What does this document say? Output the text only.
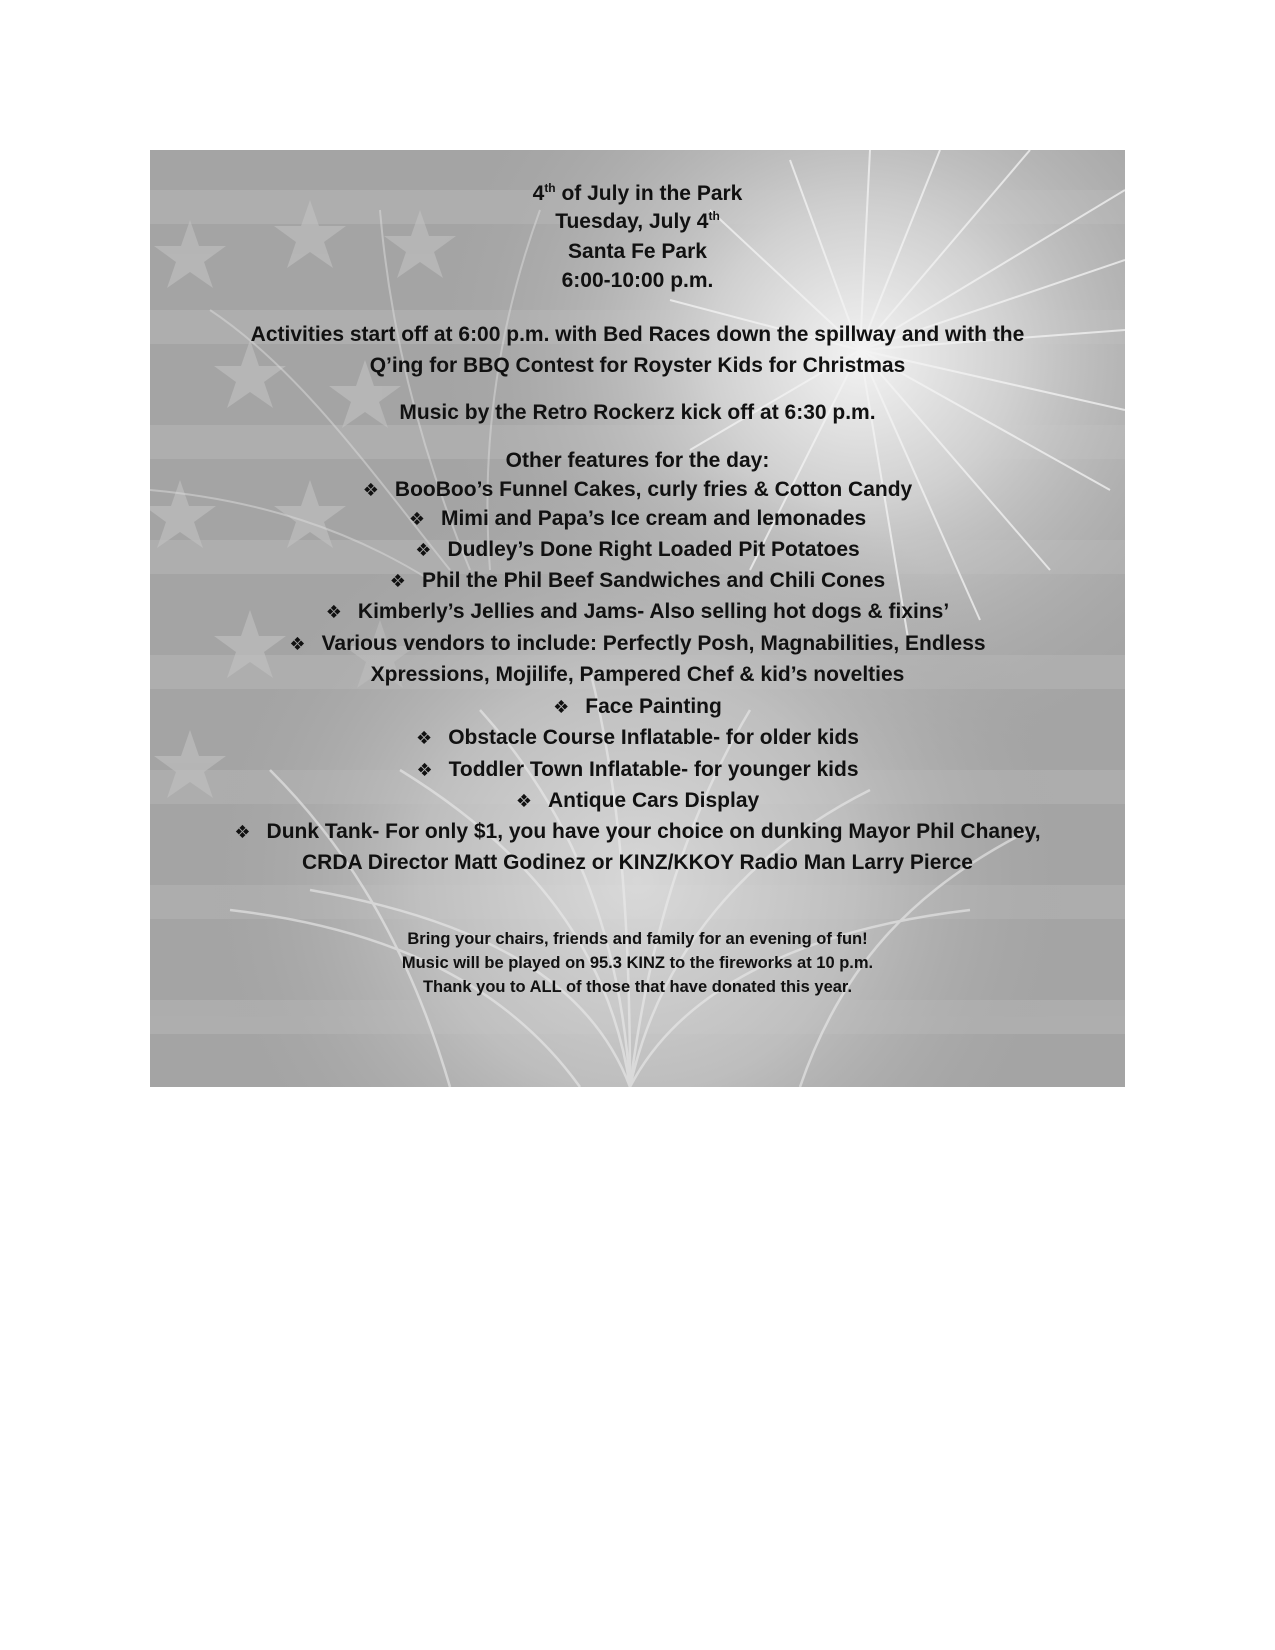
4th of July in the Park
Tuesday, July 4th
Santa Fe Park
6:00-10:00 p.m.
Activities start off at 6:00 p.m. with Bed Races down the spillway and with the
Q’ing for BBQ Contest for Royster Kids for Christmas
Music by the Retro Rockerz kick off at 6:30 p.m.
Other features for the day:
❖ BooBoo’s Funnel Cakes, curly fries & Cotton Candy
❖ Mimi and Papa’s Ice cream and lemonades
❖ Dudley’s Done Right Loaded Pit Potatoes
❖ Phil the Phil Beef Sandwiches and Chili Cones
❖ Kimberly’s Jellies and Jams- Also selling hot dogs & fixins’
❖ Various vendors to include: Perfectly Posh, Magnabilities, Endless
Xpressions, Mojilife, Pampered Chef & kid’s novelties
❖ Face Painting
❖ Obstacle Course Inflatable- for older kids
❖ Toddler Town Inflatable- for younger kids
❖ Antique Cars Display
❖ Dunk Tank- For only $1, you have your choice on dunking Mayor Phil Chaney,
CRDA Director Matt Godinez or KINZ/KKOY Radio Man Larry Pierce
Bring your chairs, friends and family for an evening of fun!
Music will be played on 95.3 KINZ to the fireworks at 10 p.m.
Thank you to ALL of those that have donated this year.
